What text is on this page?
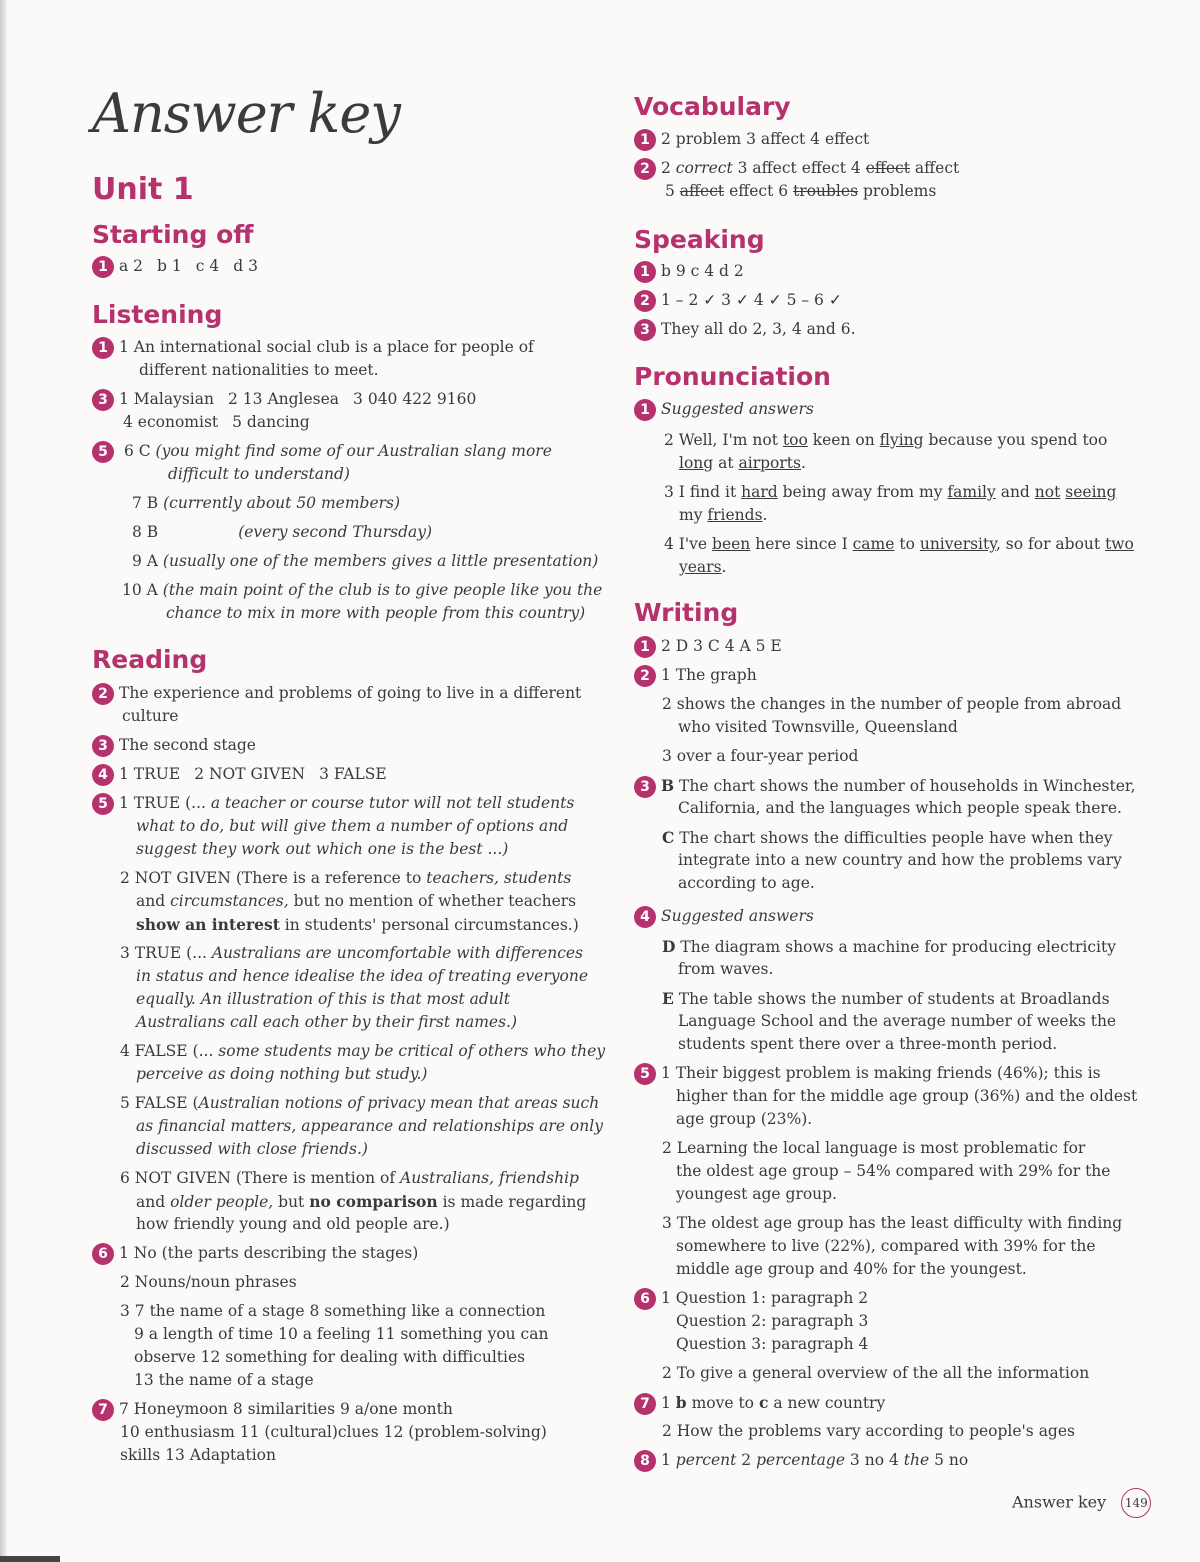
Answer key
Unit 1
Starting off

1 a 2 b 1 c 4 d 3

Listening

1 1 An international social club is a place for people of

different nationalities to meet.

3 1 Malaysian 2 13 Anglesea 3 040 422 9160

4 economist 5 dancing

5 6 C (you might find some of our Australian slang more

difficult to understand)

7 B (currently about 50 members)

8 B	(every second Thursday)

9 A (usually one of the members gives a little presentation)

10 A (the main point of the club is to give people like you the

chance to mix in more with people from this country)

Reading

2 The experience and problems of going to live in a different

culture

3 The second stage

4 1 TRUE 2 NOT GIVEN 3 FALSE

5 1 TRUE (... a teacher or course tutor will not tell students

what to do, but will give them a number of options and

suggest they work out which one is the best ...)

2 NOT GIVEN (There is a reference to teachers, students

and circumstances, but no mention of whether teachers

show an interest in students' personal circumstances.)

3 TRUE (... Australians are uncomfortable with differences

in status and hence idealise the idea of treating everyone

equally. An illustration of this is that most adult

Australians call each other by their first names.)

4 FALSE (... some students may be critical of others who they

perceive as doing nothing but study.)

5 FALSE (Australian notions of privacy mean that areas such

as financial matters, appearance and relationships are only

discussed with close friends.)

6 NOT GIVEN (There is mention of Australians, friendship

and older people, but no comparison is made regarding

how friendly young and old people are.)

6 1 No (the parts describing the stages)

2 Nouns/noun phrases

3 7 the name of a stage 8 something like a connection

9 a length of time 10 a feeling 11 something you can

observe 12 something for dealing with difficulties

13 the name of a stage

7 7 Honeymoon 8 similarities 9 a/one month

10 enthusiasm 11 (cultural)clues 12 (problem-solving)

skills 13 Adaptation

Vocabulary

1 2 problem 3 affect 4 effect

2 2 correct 3 affect effect 4 effect affect

5 affect effect 6 troubles problems

Speaking

1 b 9 c 4 d 2

2 1 – 2 ✓ 3 ✓ 4 ✓ 5 – 6 ✓

3 They all do 2, 3, 4 and 6.

Pronunciation

1 Suggested answers

2 Well, I'm not too keen on flying because you spend too

long at airports.

3 I find it hard being away from my family and not seeing

my friends.

4 I've been here since I came to university, so for about two

years.

Writing

1 2 D 3 C 4 A 5 E

2 1 The graph

2 shows the changes in the number of people from abroad

who visited Townsville, Queensland

3 over a four-year period

3 B The chart shows the number of households in Winchester,

California, and the languages which people speak there.

C The chart shows the difficulties people have when they

integrate into a new country and how the problems vary

according to age.

4 Suggested answers

D The diagram shows a machine for producing electricity

from waves.

E The table shows the number of students at Broadlands

Language School and the average number of weeks the

students spent there over a three-month period.

5 1 Their biggest problem is making friends (46%); this is

higher than for the middle age group (36%) and the oldest

age group (23%).

2 Learning the local language is most problematic for

the oldest age group – 54% compared with 29% for the

youngest age group.

3 The oldest age group has the least difficulty with finding

somewhere to live (22%), compared with 39% for the

middle age group and 40% for the youngest.

6 1 Question 1: paragraph 2

Question 2: paragraph 3

Question 3: paragraph 4

2 To give a general overview of the all the information

7 1 b move to c a new country

2 How the problems vary according to people's ages

8 1 percent 2 percentage 3 no 4 the 5 no

Answer key 149
